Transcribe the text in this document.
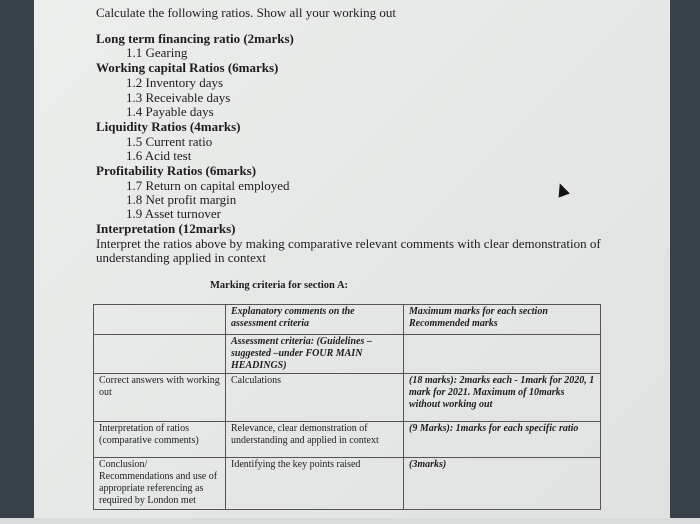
Calculate the following ratios. Show all your working out
Long term financing ratio (2marks)
1.1 Gearing
Working capital Ratios (6marks)
1.2 Inventory days
1.3 Receivable days
1.4 Payable days
Liquidity Ratios (4marks)
1.5 Current ratio
1.6 Acid test
Profitability Ratios (6marks)
1.7 Return on capital employed
1.8 Net profit margin
1.9 Asset turnover
Interpretation (12marks)
Interpret the ratios above by making comparative relevant comments with clear demonstration of
understanding applied in context
Marking criteria for section A:
	Explanatory comments on the assessment criteria	Maximum marks for each section Recommended marks
	Assessment criteria: (Guidelines – suggested –under FOUR MAIN HEADINGS)	
Correct answers with working out	Calculations	(18 marks): 2marks each - 1mark for 2020, 1 mark for 2021. Maximum of 10marks without working out
Interpretation of ratios (comparative comments)	Relevance, clear demonstration of understanding and applied in context	(9 Marks): 1marks for each specific ratio
Conclusion/ Recommendations and use of appropriate referencing as required by London met	Identifying the key points raised	(3marks)
